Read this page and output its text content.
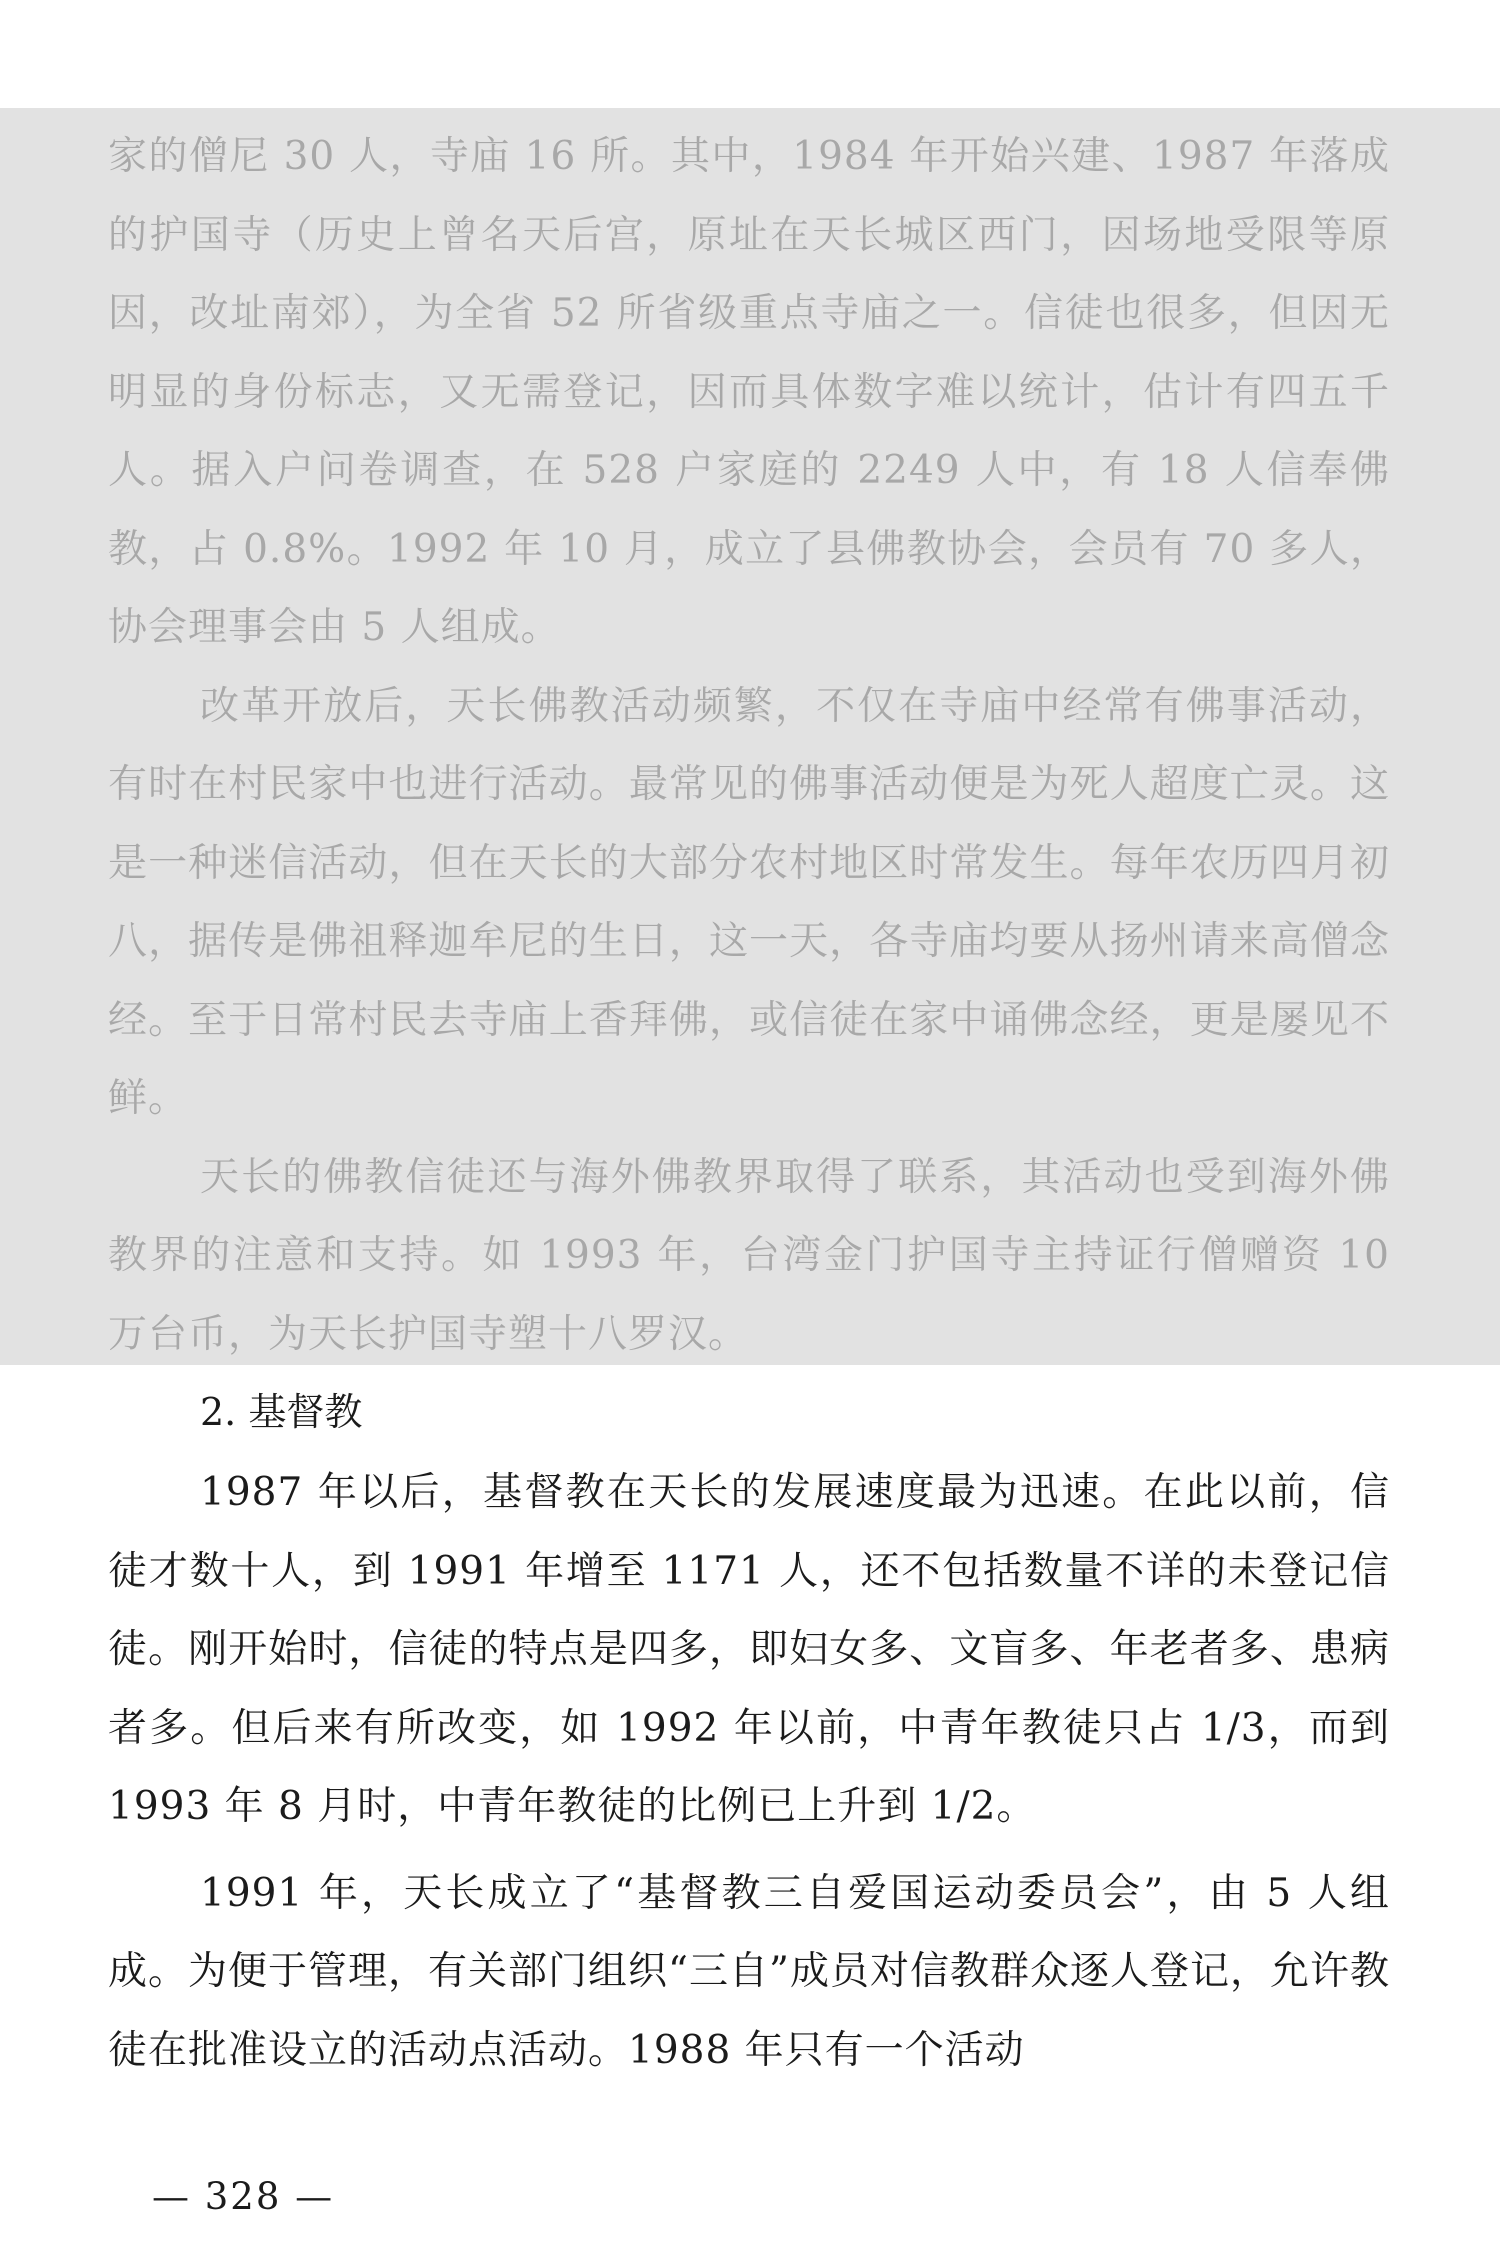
家的僧尼 30 人，寺庙 16 所。其中，1984 年开始兴建、1987 年落成的护国寺（历史上曾名天后宫，原址在天长城区西门，因场地受限等原因，改址南郊），为全省 52 所省级重点寺庙之一。信徒也很多，但因无明显的身份标志，又无需登记，因而具体数字难以统计，估计有四五千人。据入户问卷调查，在 528 户家庭的 2249 人中，有 18 人信奉佛教，占 0.8%。1992 年 10 月，成立了县佛教协会，会员有 70 多人，协会理事会由 5 人组成。

改革开放后，天长佛教活动频繁，不仅在寺庙中经常有佛事活动，有时在村民家中也进行活动。最常见的佛事活动便是为死人超度亡灵。这是一种迷信活动，但在天长的大部分农村地区时常发生。每年农历四月初八，据传是佛祖释迦牟尼的生日，这一天，各寺庙均要从扬州请来高僧念经。至于日常村民去寺庙上香拜佛，或信徒在家中诵佛念经，更是屡见不鲜。

天长的佛教信徒还与海外佛教界取得了联系，其活动也受到海外佛教界的注意和支持。如 1993 年，台湾金门护国寺主持证行僧赠资 10 万台币，为天长护国寺塑十八罗汉。

2. 基督教

1987 年以后，基督教在天长的发展速度最为迅速。在此以前，信徒才数十人，到 1991 年增至 1171 人，还不包括数量不详的未登记信徒。刚开始时，信徒的特点是四多，即妇女多、文盲多、年老者多、患病者多。但后来有所改变，如 1992 年以前，中青年教徒只占 1/3，而到 1993 年 8 月时，中青年教徒的比例已上升到 1/2。

1991 年，天长成立了“基督教三自爱国运动委员会”，由 5 人组成。为便于管理，有关部门组织“三自”成员对信教群众逐人登记，允许教徒在批准设立的活动点活动。1988 年只有一个活动

— 328 —
